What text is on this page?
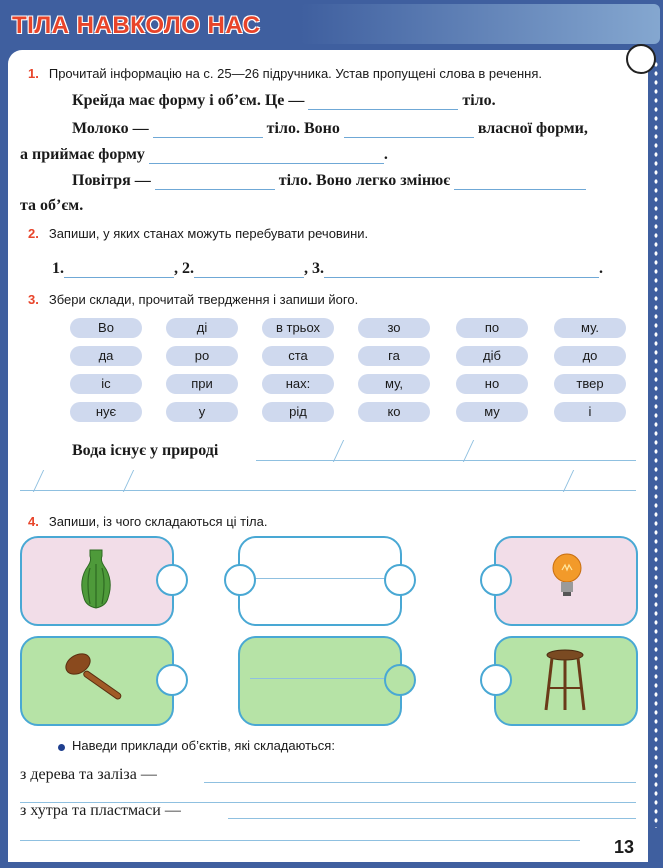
ТІЛА НАВКОЛО НАС
1. Прочитай інформацію на с. 25—26 підручника. Устав пропущені слова в речення.
Крейда має форму і об’єм. Це —	тіло.
Молоко —	тіло. Воно	власної форми,
а приймає форму	.
Повітря —	тіло. Воно легко змінює
та об’єм.
2. Запиши, у яких станах можуть перебувати речовини.
1.	, 2.	, 3.	.
3. Збери склади, прочитай твердження і запиши його.
Во	ді	в трьох	зо	по	му.
да	ро	ста	га	діб	до
іс	при	нах:	му,	но	твер
нує	у	рід	ко	му	і
Вода існує у природі
4. Запиши, із чого складаються ці тіла.
Наведи приклади об’єктів, які складаються:
з дерева та заліза —
з хутра та пластмаси —
13
